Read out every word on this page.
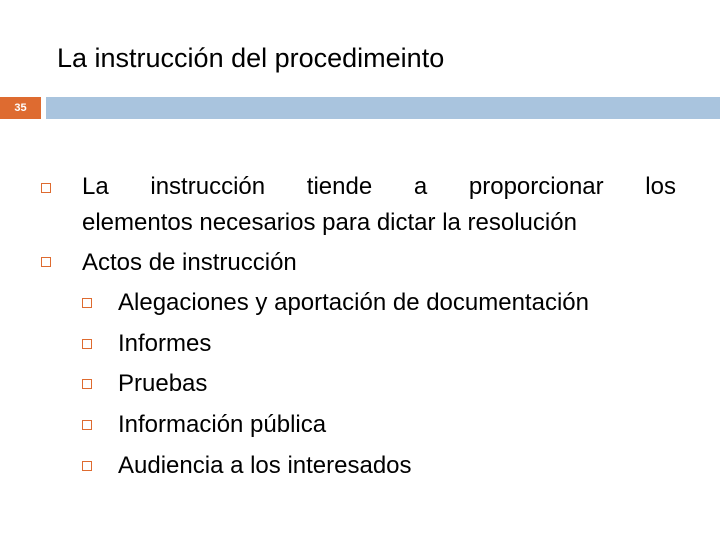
La instrucción del procedimeinto
35
La instrucción tiende a proporcionar los
elementos necesarios para dictar la resolución
Actos de instrucción
Alegaciones y aportación de documentación
Informes
Pruebas
Información pública
Audiencia a los interesados
